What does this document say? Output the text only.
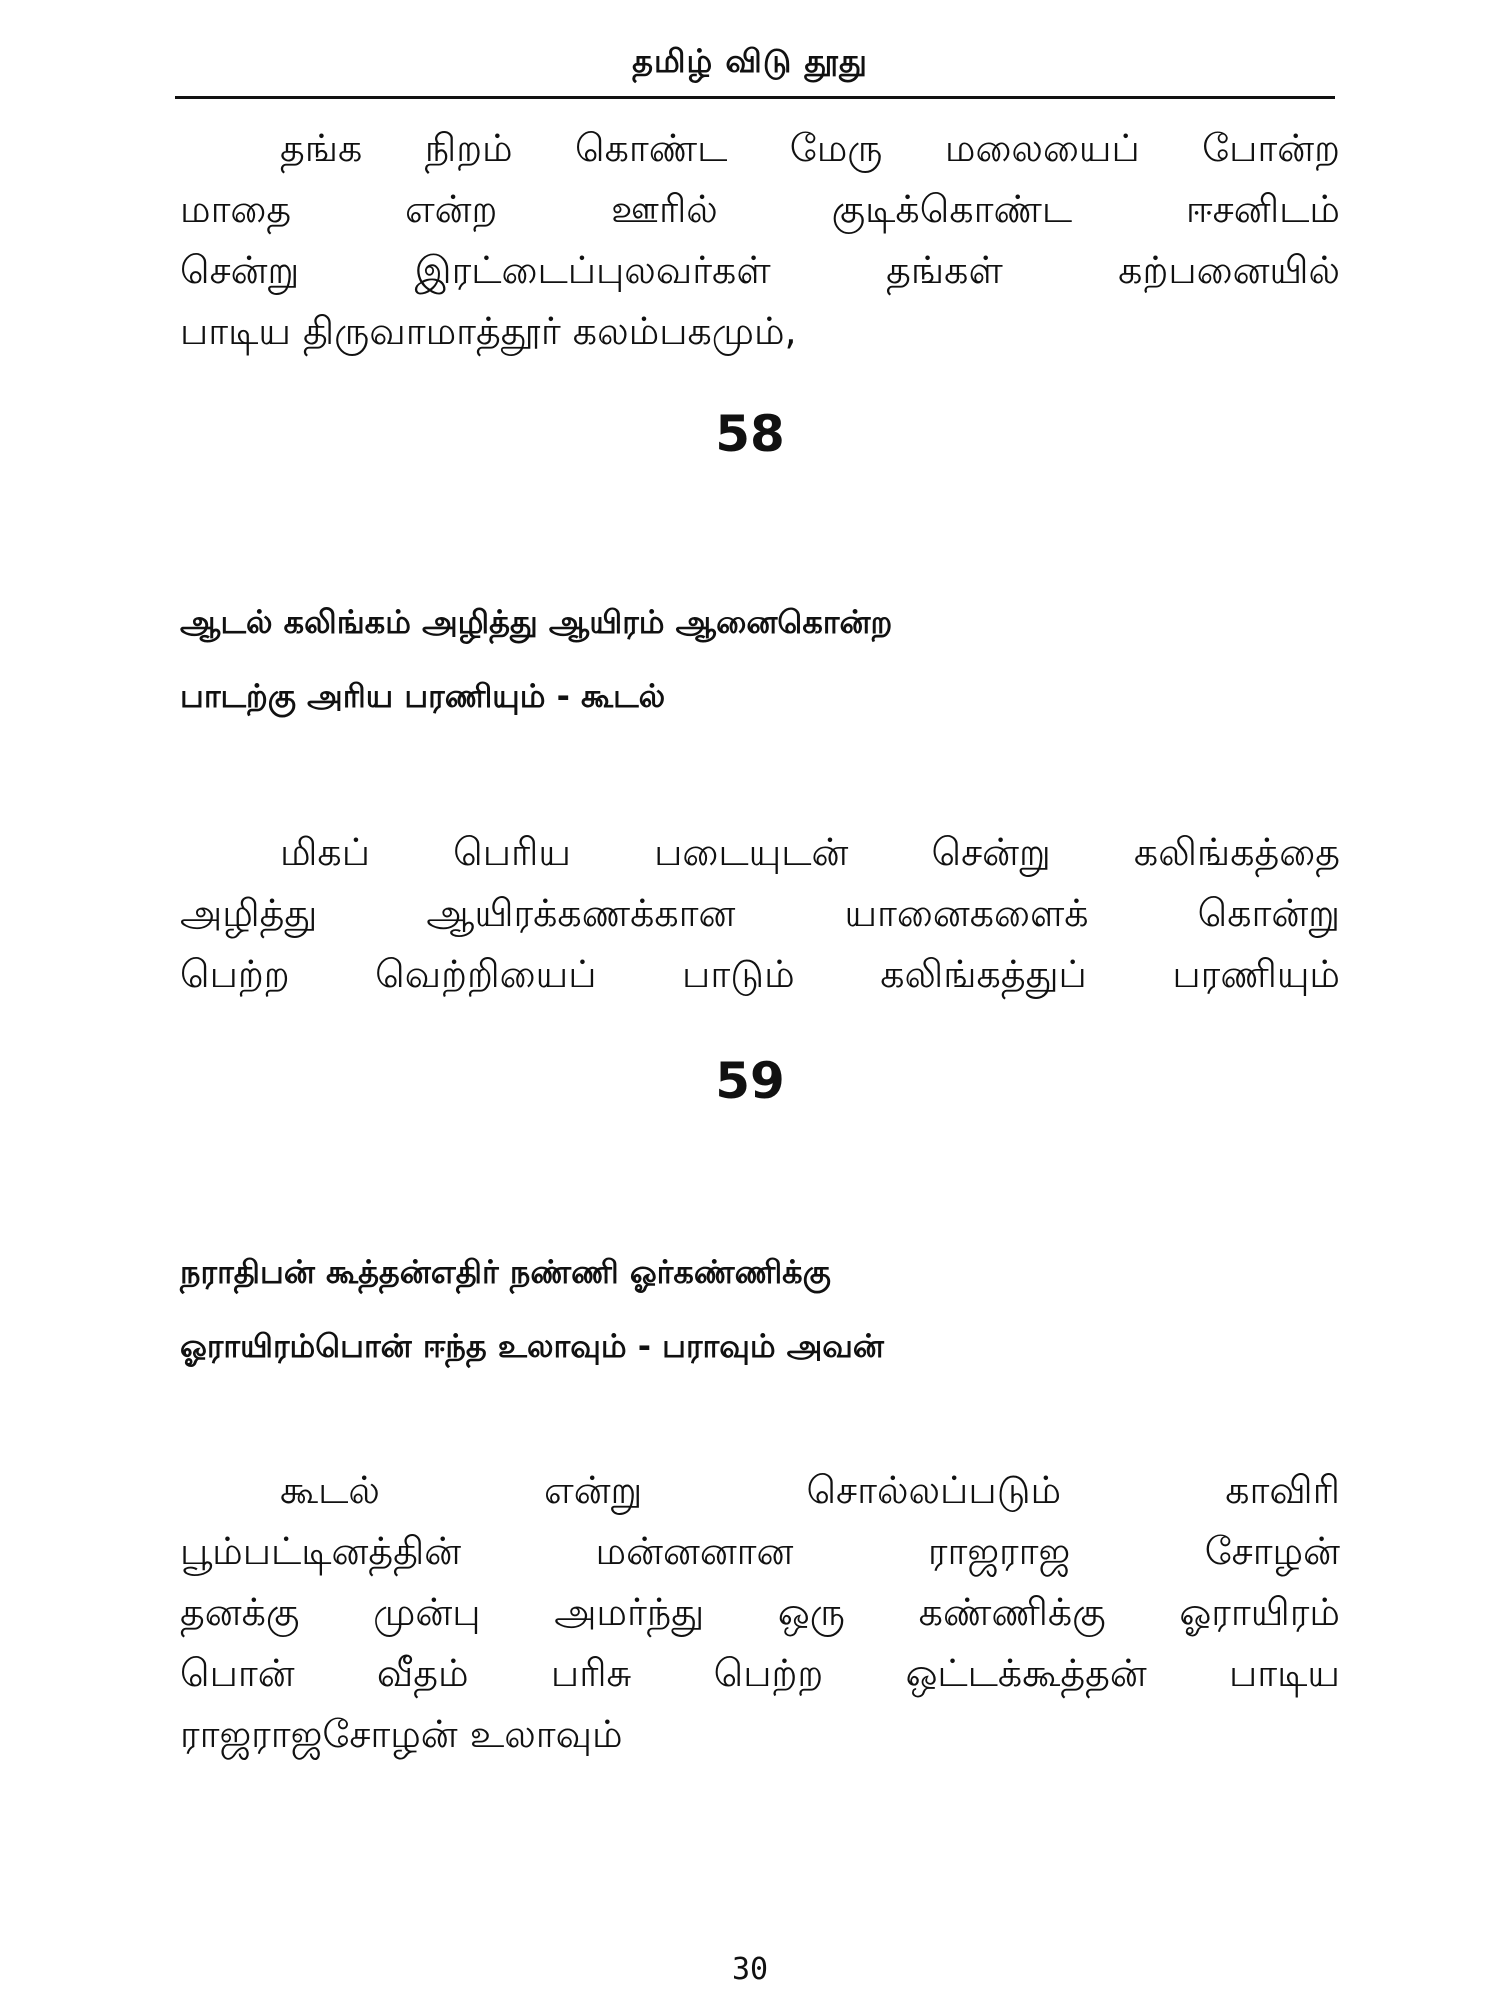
தமிழ் விடு தூது
தங்க நிறம் கொண்ட மேரு மலையைப் போன்ற
மாதை என்ற ஊரில் குடிக்கொண்ட ஈசனிடம்
சென்று இரட்டைப்புலவர்கள் தங்கள் கற்பனையில்
பாடிய திருவாமாத்தூர் கலம்பகமும்,
58
ஆடல் கலிங்கம் அழித்து ஆயிரம் ஆனைகொன்ற
பாடற்கு அரிய பரணியும் - கூடல்
மிகப் பெரிய படையுடன் சென்று கலிங்கத்தை
அழித்து ஆயிரக்கணக்கான யானைகளைக் கொன்று
பெற்ற வெற்றியைப் பாடும் கலிங்கத்துப் பரணியும்
59
நராதிபன் கூத்தன்எதிர் நண்ணி ஓர்கண்ணிக்கு
ஓராயிரம்பொன் ஈந்த உலாவும் - பராவும் அவன்
கூடல் என்று சொல்லப்படும் காவிரி
பூம்பட்டினத்தின் மன்னனான ராஜராஜ சோழன்
தனக்கு முன்பு அமர்ந்து ஒரு கண்ணிக்கு ஓராயிரம்
பொன் வீதம் பரிசு பெற்ற ஒட்டக்கூத்தன் பாடிய
ராஜராஜசோழன் உலாவும்
30
